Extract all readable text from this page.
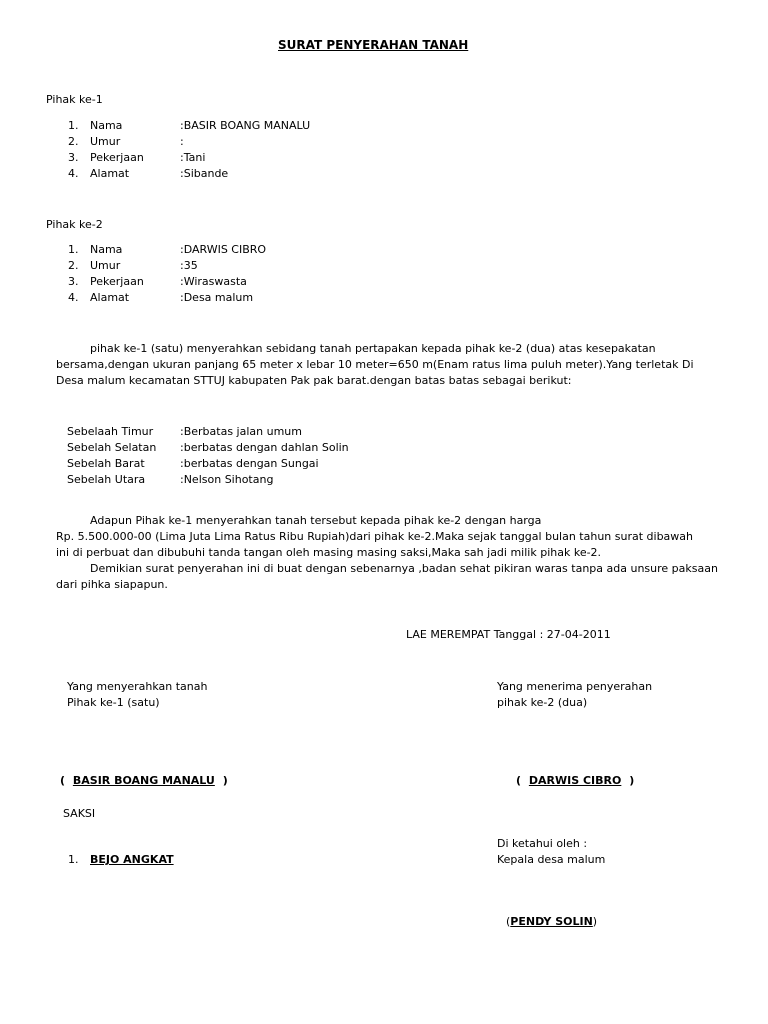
SURAT PENYERAHAN TANAH
Pihak ke-1
1. Nama	:BASIR BOANG MANALU
2. Umur	:
3. Pekerjaan	:Tani
4. Alamat	:Sibande
Pihak ke-2
1. Nama	:DARWIS CIBRO
2. Umur	:35
3. Pekerjaan	:Wiraswasta
4. Alamat	:Desa malum
pihak ke-1 (satu) menyerahkan sebidang tanah pertapakan kepada pihak ke-2 (dua) atas kesepakatan
bersama,dengan ukuran panjang 65 meter x lebar 10 meter=650 m(Enam ratus lima puluh meter).Yang terletak Di
Desa malum kecamatan STTUJ kabupaten Pak pak barat.dengan batas batas sebagai berikut:
Sebelaah Timur :Berbatas jalan umum
Sebelah Selatan :berbatas dengan dahlan Solin
Sebelah Barat	:berbatas dengan Sungai
Sebelah Utara	:Nelson Sihotang
Adapun Pihak ke-1 menyerahkan tanah tersebut kepada pihak ke-2 dengan harga
Rp. 5.500.000-00 (Lima Juta Lima Ratus Ribu Rupiah)dari pihak ke-2.Maka sejak tanggal bulan tahun surat dibawah
ini di perbuat dan dibubuhi tanda tangan oleh masing masing saksi,Maka sah jadi milik pihak ke-2.
Demikian surat penyerahan ini di buat dengan sebenarnya ,badan sehat pikiran waras tanpa ada unsure paksaan
dari pihka siapapun.
LAE MEREMPAT Tanggal : 27-04-2011
Yang menyerahkan tanah
Pihak ke-1 (satu)
Yang menerima penyerahan
pihak ke-2 (dua)
( BASIR BOANG MANALU )	( DARWIS CIBRO )
SAKSI
1. BEJO ANGKAT
Di ketahui oleh :
Kepala desa malum
(PENDY SOLIN)
